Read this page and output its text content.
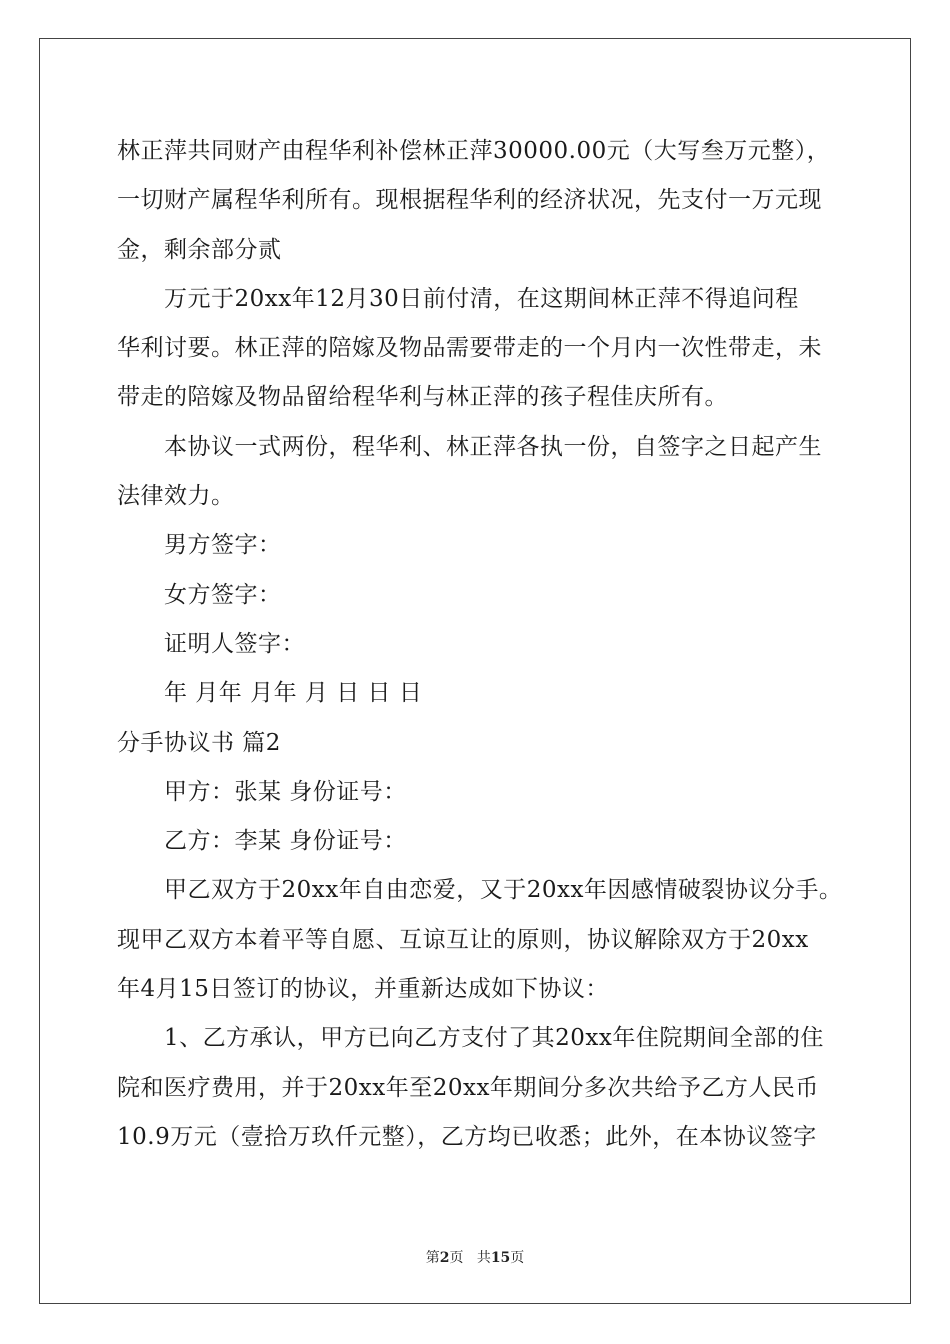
林正萍共同财产由程华利补偿林正萍30000.00元（大写叁万元整），
一切财产属程华利所有。现根据程华利的经济状况，先支付一万元现
金，剩余部分贰
万元于20xx年12月30日前付清，在这期间林正萍不得追问程
华利讨要。林正萍的陪嫁及物品需要带走的一个月内一次性带走，未
带走的陪嫁及物品留给程华利与林正萍的孩子程佳庆所有。
本协议一式两份，程华利、林正萍各执一份，自签字之日起产生
法律效力。
男方签字：
女方签字：
证明人签字：
年 月年 月年 月 日 日 日
分手协议书 篇2
甲方：张某 身份证号：
乙方：李某 身份证号：
甲乙双方于20xx年自由恋爱，又于20xx年因感情破裂协议分手。
现甲乙双方本着平等自愿、互谅互让的原则，协议解除双方于20xx
年4月15日签订的协议，并重新达成如下协议：
1、乙方承认，甲方已向乙方支付了其20xx年住院期间全部的住
院和医疗费用，并于20xx年至20xx年期间分多次共给予乙方人民币
10.9万元（壹拾万玖仟元整），乙方均已收悉；此外，在本协议签字
第2页 共15页
